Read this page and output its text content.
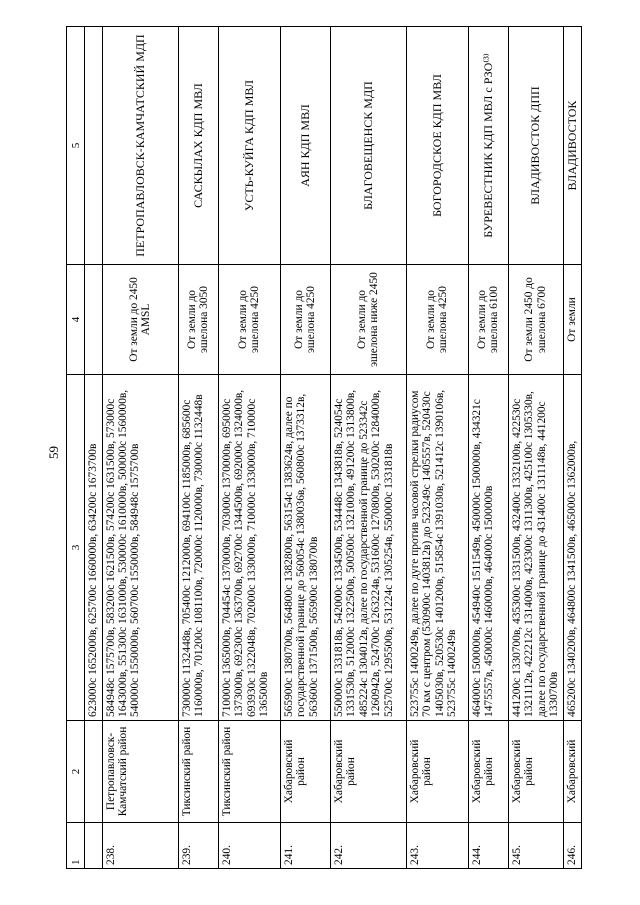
59
1	2	3	4	5
		623000с 1652000в, 625700с 1660000в, 634200с 1673700в		
238.	Петропавловск-Камчатский район	584948с 1575700в, 583200с 1621500в, 574200с 1631500в, 573000с 1643000в, 551300с 1631000в, 530000с 1610000в, 500000с 1560000в, 540000с 1550000в, 560700с 1550000в, 584948с 1575700в	От земли до 2450 AMSL	ПЕТРОПАВЛОВСК-КАМЧАТСКИЙ МДП
239.	Тиксинский район	730000с 1132448в, 705400с 1212000в, 694100с 1185000в, 685600с 1160000в, 701200с 1081100в, 720000с 1120000в, 730000с 1132448в	От земли до эшелона 3050	САСКЫЛАХ КДП МВЛ
240.	Тиксинский район	710000с 1365000в, 704454с 1370000в, 703000с 1370000в, 695000с 1373000в, 692300с 1363700в, 692700с 1344500в, 692000с 1324000в, 693930с 1322048в, 702000с 1330000в, 710000с 1330000в, 710000с 1365000в	От земли до эшелона 4250	УСТЬ-КУЙГА КДП МВЛ
241.	Хабаровский район	565900с 1380700в, 564800с 1382800в, 563154с 1383624в, далее по государственной границе до 560054с 1380036в, 560800с 1373312в, 563600с 1371500в, 565900с 1380700в	От земли до эшелона 4250	АЯН КДП МВЛ
242.	Хабаровский район	550000с 1331818в, 542000с 1334500в, 534448с 1343818в, 524054с 1331530в, 512000с 1322500в, 500500с 1321000в, 491200с 1313800в, 485224с 1304012в, далее по государственной границе до 523342с 1260942в, 524700с 1263224в, 531600с 1270800в, 530200с 1284000в, 525700с 1295500в, 531224с 1305254в, 550000с 1331818в	От земли до эшелона ниже 2450	БЛАГОВЕЩЕНСК МДП
243.	Хабаровский район	523755с 1400249в, далее по дуге против часовой стрелки радиусом 70 км с центром (530900с 1403812в) до 523249с 1405557в, 520430с 1405030в, 520530с 1401200в, 515854с 1391030в, 521412с 1390106в, 523755с 1400249в	От земли до эшелона 4250	БОГОРОДСКОЕ КДП МВЛ
244.	Хабаровский район	464000с 1500000в, 454940с 1511549в, 450000с 1500000в, 434321с 1475557в, 450000с 1460000в, 464000с 1500000в	От земли до эшелона 6100	БУРЕВЕСТНИК КДП МВЛ с РЗО⁽³⁾
245.	Хабаровский район	441200с 1330700в, 435300с 1331500в, 432400с 1332100в, 422530с 1321112в, 422212с 1314000в, 423300с 1311300в, 425100с 1305330в, далее по государственной границе до 431400с 1311148в, 441200с 1330700в	От земли 2450 до эшелона 6700	ВЛАДИВОСТОК ДПП
246.	Хабаровский	465200с 1340200в, 464800с 1341500в, 465000с 1362000в,	От земли	ВЛАДИВОСТОК
